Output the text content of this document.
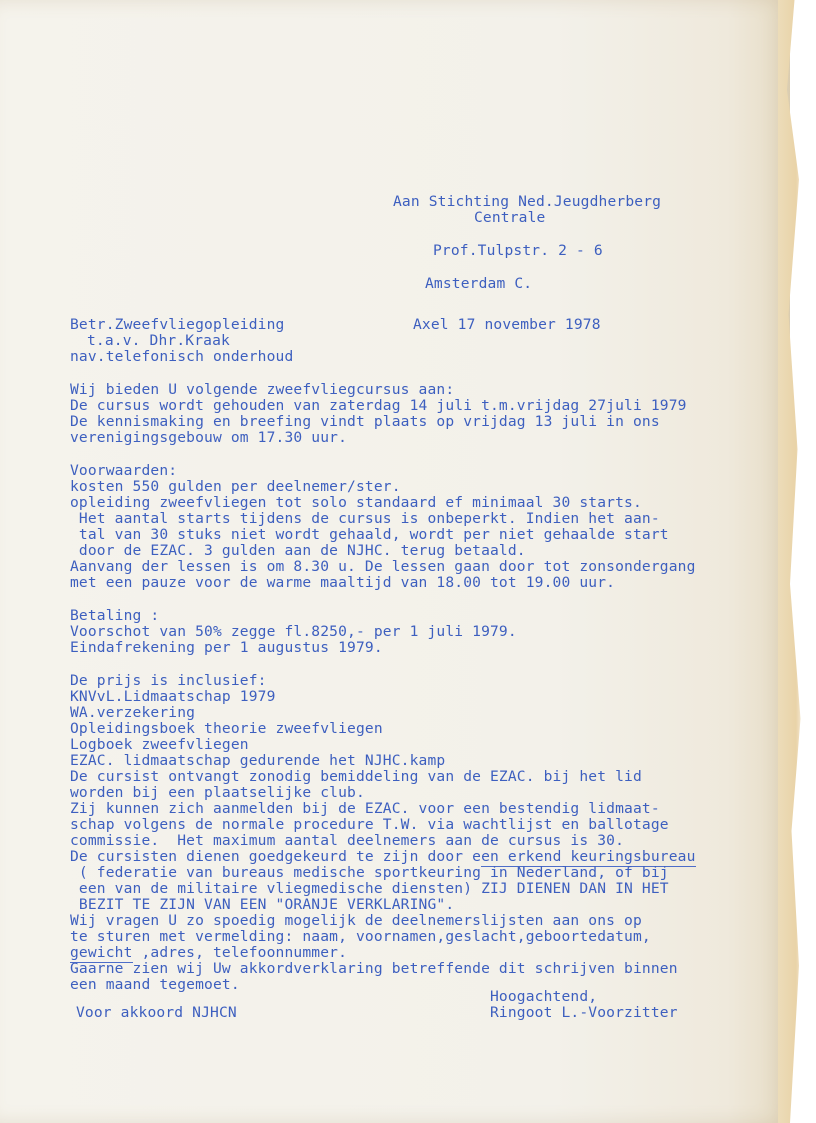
Aan Stichting Ned.Jeugdherberg

Centrale

Prof.Tulpstr. 2 - 6

Amsterdam C.

Betr.Zweefvliegopleiding	Axel 17 november 1978

t.a.v. Dhr.Kraak

nav.telefonisch onderhoud

Wij bieden U volgende zweefvliegcursus aan:

De cursus wordt gehouden van zaterdag 14 juli t.m.vrijdag 27juli 1979

De kennismaking en breefing vindt plaats op vrijdag 13 juli in ons

verenigingsgebouw om 17.30 uur.

Voorwaarden:

kosten 550 gulden per deelnemer/ster.

opleiding zweefvliegen tot solo standaard ef minimaal 30 starts.

Het aantal starts tijdens de cursus is onbeperkt. Indien het aan-

tal van 30 stuks niet wordt gehaald, wordt per niet gehaalde start

door de EZAC. 3 gulden aan de NJHC. terug betaald.

Aanvang der lessen is om 8.30 u. De lessen gaan door tot zonsondergang

met een pauze voor de warme maaltijd van 18.00 tot 19.00 uur.

Betaling :

Voorschot van 50% zegge fl.8250,- per 1 juli 1979.

Eindafrekening per 1 augustus 1979.

De prijs is inclusief:

KNVvL.Lidmaatschap 1979

WA.verzekering

Opleidingsboek theorie zweefvliegen

Logboek zweefvliegen

EZAC. lidmaatschap gedurende het NJHC.kamp

De cursist ontvangt zonodig bemiddeling van de EZAC. bij het lid

worden bij een plaatselijke club.

Zij kunnen zich aanmelden bij de EZAC. voor een bestendig lidmaat-

schap volgens de normale procedure T.W. via wachtlijst en ballotage

commissie.  Het maximum aantal deelnemers aan de cursus is 30.

De cursisten dienen goedgekeurd te zijn door een erkend keuringsbureau

( federatie van bureaus medische sportkeuring in Nederland, of bij

een van de militaire vliegmedische diensten) ZIJ DIENEN DAN IN HET

BEZIT TE ZIJN VAN EEN "ORANJE VERKLARING".

Wij vragen U zo spoedig mogelijk de deelnemerslijsten aan ons op

te sturen met vermelding: naam, voornamen,geslacht,geboortedatum,

gewicht ,adres, telefoonnummer.

Gaarne zien wij Uw akkordverklaring betreffende dit schrijven binnen

een maand tegemoet.

Hoogachtend,

Voor akkoord NJHCN	Ringoot L.-Voorzitter
